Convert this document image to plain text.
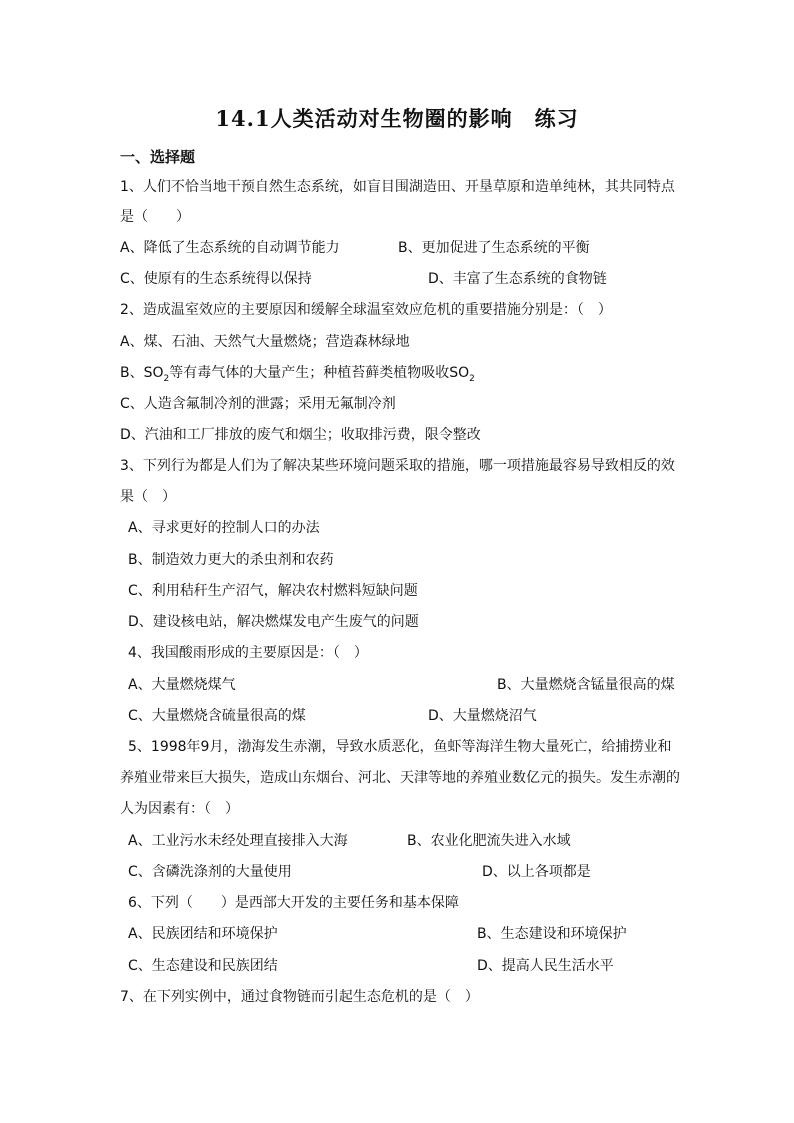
14.1人类活动对生物圈的影响　练习
一、选择题
1、人们不恰当地干预自然生态系统，如盲目围湖造田、开垦草原和造单纯林，其共同特点
是（　　）
A、降低了生态系统的自动调节能力	B、更加促进了生态系统的平衡
C、使原有的生态系统得以保持	D、丰富了生态系统的食物链
2、造成温室效应的主要原因和缓解全球温室效应危机的重要措施分别是：（　）
A、煤、石油、天然气大量燃烧；营造森林绿地
B、$SO_2$等有毒气体的大量产生；种植苔藓类植物吸收$SO_2$
C、人造含氟制冷剂的泄露；采用无氟制冷剂
D、汽油和工厂排放的废气和烟尘；收取排污费，限令整改
3、下列行为都是人们为了解决某些环境问题采取的措施，哪一项措施最容易导致相反的效
果（　）
A、寻求更好的控制人口的办法
B、制造效力更大的杀虫剂和农药
C、利用秸秆生产沼气，解决农村燃料短缺问题
D、建设核电站，解决燃煤发电产生废气的问题
4、我国酸雨形成的主要原因是：（　）
A、大量燃烧煤气	B、大量燃烧含锰量很高的煤
C、大量燃烧含硫量很高的煤	D、大量燃烧沼气
5、1998年9月，渤海发生赤潮，导致水质恶化，鱼虾等海洋生物大量死亡，给捕捞业和
养殖业带来巨大损失，造成山东烟台、河北、天津等地的养殖业数亿元的损失。发生赤潮的
人为因素有：（　）
A、工业污水未经处理直接排入大海	B、农业化肥流失进入水域
C、含磷洗涤剂的大量使用	D、以上各项都是
6、下列（　　）是西部大开发的主要任务和基本保障
A、民族团结和环境保护	B、生态建设和环境保护
C、生态建设和民族团结	D、提高人民生活水平
7、在下列实例中，通过食物链而引起生态危机的是（　）
